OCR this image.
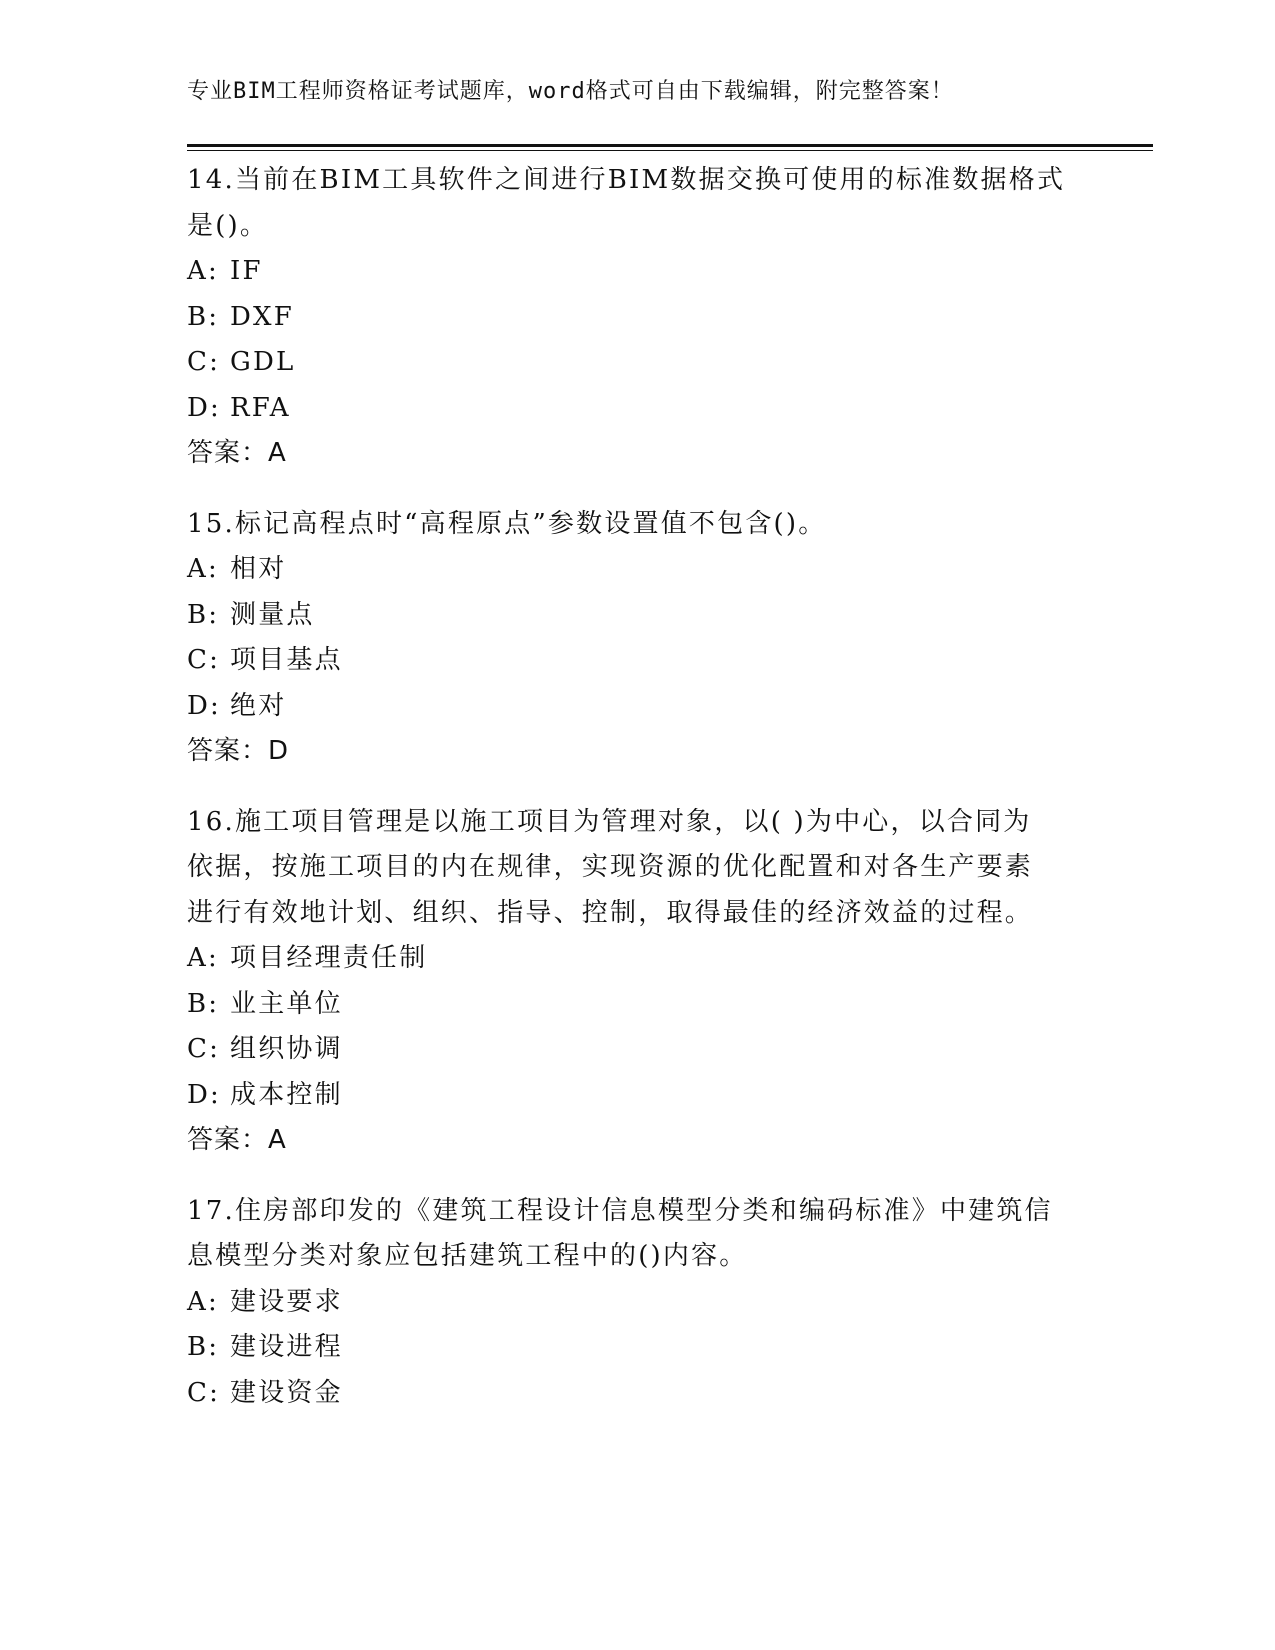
专业BIM工程师资格证考试题库，word格式可自由下载编辑，附完整答案！
14.当前在BIM工具软件之间进行BIM数据交换可使用的标准数据格式
是()。
A: IF
B: DXF
C: GDL
D: RFA
答案：A
15.标记高程点时“高程原点”参数设置值不包含()。
A: 相对
B: 测量点
C: 项目基点
D: 绝对
答案：D
16.施工项目管理是以施工项目为管理对象，以( )为中心，以合同为
依据，按施工项目的内在规律，实现资源的优化配置和对各生产要素
进行有效地计划、组织、指导、控制，取得最佳的经济效益的过程。
A: 项目经理责任制
B: 业主单位
C: 组织协调
D: 成本控制
答案：A
17.住房部印发的《建筑工程设计信息模型分类和编码标准》中建筑信
息模型分类对象应包括建筑工程中的()内容。
A: 建设要求
B: 建设进程
C: 建设资金
